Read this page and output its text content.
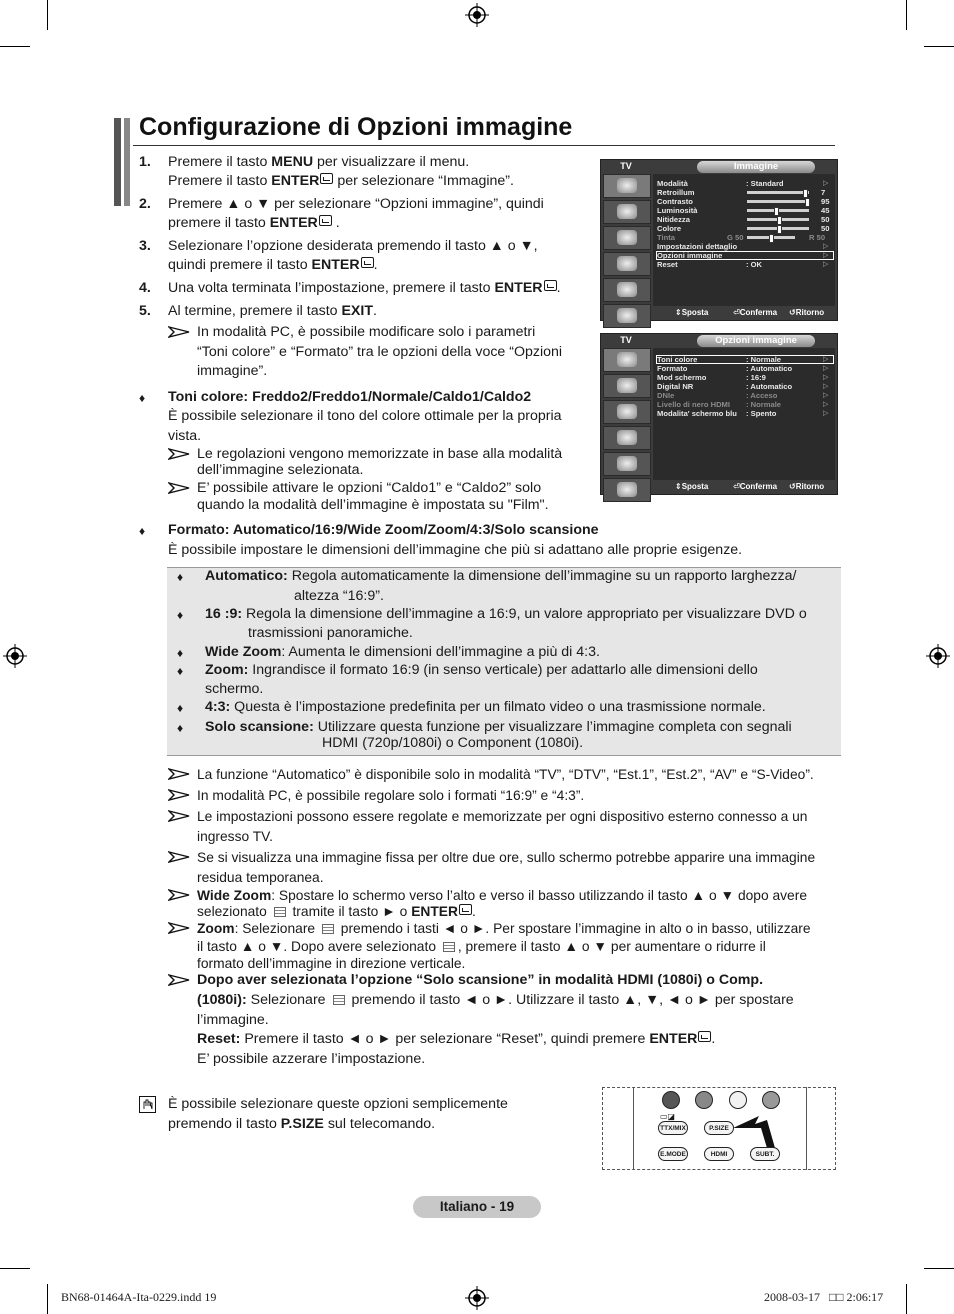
Configurazione di Opzioni immagine
1. Premere il tasto MENU per visualizzare il menu.
Premere il tasto ENTER per selezionare “Immagine”.
2. Premere ▲ o ▼ per selezionare “Opzioni immagine”, quindi
premere il tasto ENTER .
3. Selezionare l’opzione desiderata premendo il tasto ▲ o ▼,
quindi premere il tasto ENTER .
4. Una volta terminata l’impostazione, premere il tasto ENTER .
5. Al termine, premere il tasto EXIT.
In modalità PC, è possibile modificare solo i parametri
“Toni colore” e “Formato” tra le opzioni della voce “Opzioni
immagine”.
♦ Toni colore: Freddo2/Freddo1/Normale/Caldo1/Caldo2
È possibile selezionare il tono del colore ottimale per la propria
vista.
Le regolazioni vengono memorizzate in base alla modalità
dell’immagine selezionata.
E’ possibile attivare le opzioni “Caldo1” e “Caldo2” solo
quando la modalità dell’immagine è impostata su "Film".
TV	Immagine
Modalità	: Standard	▷
Retroillum	7
Contrasto	95
Luminosità	45
Nitidezza	50
Colore	50
Tinta	G 50	R 50
Impostazioni dettaglio	▷
Opzioni immagine	▷
Reset	: OK	▷
⇕ Sposta	⏎ Conferma ↺ Ritorno
TV	Opzioni immagine
Toni colore	: Normale	▷
Formato	: Automatico	▷
Mod schermo	: 16:9	▷
Digital NR	: Automatico	▷
DNIe	: Acceso	▷
Livello di nero HDMI : Normale	▷
Modalita' schermo blu : Spento	▷
⇕ Sposta	⏎ Conferma ↺ Ritorno
♦ Formato: Automatico/16:9/Wide Zoom/Zoom/4:3/Solo scansione
È possibile impostare le dimensioni dell’immagine che più si adattano alle proprie esigenze.
♦ Automatico: Regola automaticamente la dimensione dell’immagine su un rapporto larghezza/
altezza “16:9”.
♦ 16 :9: Regola la dimensione dell’immagine a 16:9, un valore appropriato per visualizzare DVD o
trasmissioni panoramiche.
♦ Wide Zoom: Aumenta le dimensioni dell’immagine a più di 4:3.
♦ Zoom: Ingrandisce il formato 16:9 (in senso verticale) per adattarlo alle dimensioni dello
schermo.
♦ 4:3: Questa è l’impostazione predefinita per un filmato video o una trasmissione normale.
♦ Solo scansione: Utilizzare questa funzione per visualizzare l’immagine completa con segnali
HDMI (720p/1080i) o Component (1080i).
La funzione “Automatico” è disponibile solo in modalità “TV”, “DTV”, “Est.1”, “Est.2”, “AV” e “S-Video”.
In modalità PC, è possibile regolare solo i formati “16:9” e “4:3”.
Le impostazioni possono essere regolate e memorizzate per ogni dispositivo esterno connesso a un
ingresso TV.
Se si visualizza una immagine fissa per oltre due ore, sullo schermo potrebbe apparire una immagine
residua temporanea.
Wide Zoom: Spostare lo schermo verso l’alto e verso il basso utilizzando il tasto ▲ o ▼ dopo avere
selezionato  tramite il tasto ► o ENTER .
Zoom: Selezionare  premendo i tasti ◄ o ►. Per spostare l’immagine in alto o in basso, utilizzare
il tasto ▲ o ▼. Dopo avere selezionato , premere il tasto ▲ o ▼ per aumentare o ridurre il
formato dell’immagine in direzione verticale.
Dopo aver selezionata l’opzione “Solo scansione” in modalità HDMI (1080i) o Comp.
(1080i): Selezionare  premendo il tasto ◄ o ►. Utilizzare il tasto ▲, ▼, ◄ o ► per spostare
l’immagine.
Reset: Premere il tasto ◄ o ► per selezionare “Reset”, quindi premere ENTER .
E’ possibile azzerare l’impostazione.
È possibile selezionare queste opzioni semplicemente
premendo il tasto P.SIZE sul telecomando.	▭◪
TTX/MIX	P.SIZE
E.MODE	HDMI	SUBT.
Italiano - 19
BN68-01464A-Ita-0229.indd 19	2008-03-17   □□ 2:06:17
